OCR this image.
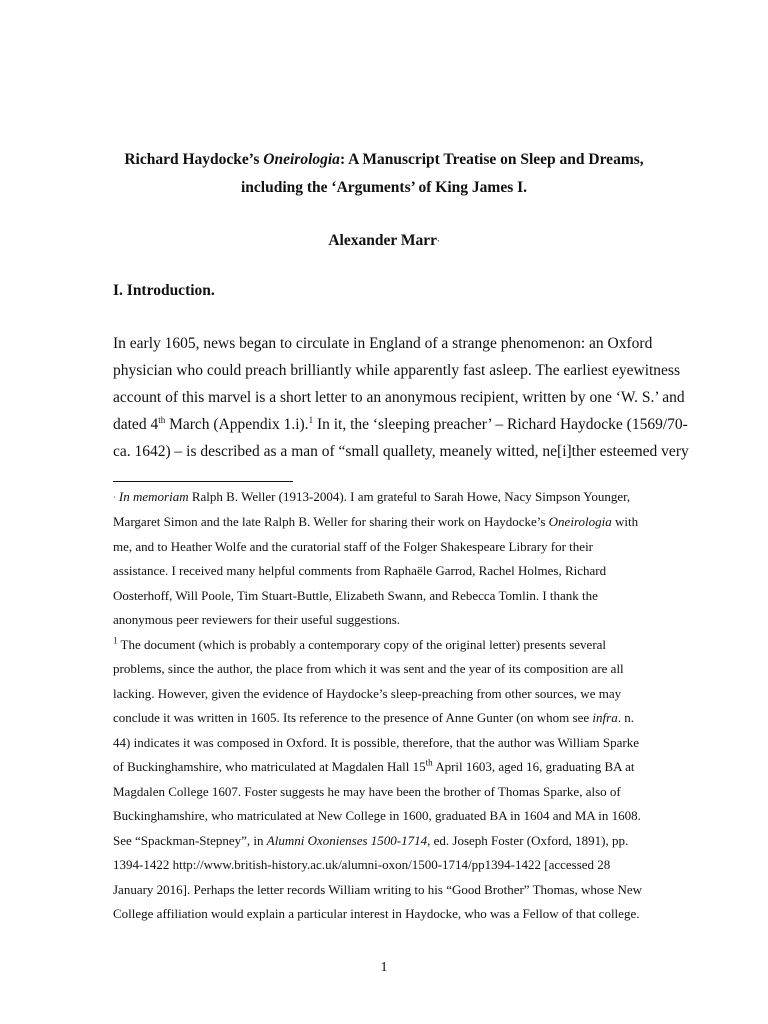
Richard Haydocke’s Oneirologia: A Manuscript Treatise on Sleep and Dreams,
including the ‘Arguments’ of King James I.
Alexander Marr·
I. Introduction.
In early 1605, news began to circulate in England of a strange phenomenon: an Oxford
physician who could preach brilliantly while apparently fast asleep. The earliest eyewitness
account of this marvel is a short letter to an anonymous recipient, written by one ‘W. S.’ and
dated 4th March (Appendix 1.i).$^1$ In it, the ‘sleeping preacher’ – Richard Haydocke (1569/70-
ca. 1642) – is described as a man of “small quallety, meanely witted, ne[i]ther esteemed very
· In memoriam Ralph B. Weller (1913-2004). I am grateful to Sarah Howe, Nacy Simpson Younger,
Margaret Simon and the late Ralph B. Weller for sharing their work on Haydocke’s Oneirologia with
me, and to Heather Wolfe and the curatorial staff of the Folger Shakespeare Library for their
assistance. I received many helpful comments from Raphaële Garrod, Rachel Holmes, Richard
Oosterhoff, Will Poole, Tim Stuart-Buttle, Elizabeth Swann, and Rebecca Tomlin. I thank the
anonymous peer reviewers for their useful suggestions.
$^1$ The document (which is probably a contemporary copy of the original letter) presents several
problems, since the author, the place from which it was sent and the year of its composition are all
lacking. However, given the evidence of Haydocke’s sleep-preaching from other sources, we may
conclude it was written in 1605. Its reference to the presence of Anne Gunter (on whom see infra. n.
44) indicates it was composed in Oxford. It is possible, therefore, that the author was William Sparke
of Buckinghamshire, who matriculated at Magdalen Hall 15th April 1603, aged 16, graduating BA at
Magdalen College 1607. Foster suggests he may have been the brother of Thomas Sparke, also of
Buckinghamshire, who matriculated at New College in 1600, graduated BA in 1604 and MA in 1608.
See “Spackman-Stepney”, in Alumni Oxonienses 1500-1714, ed. Joseph Foster (Oxford, 1891), pp.
1394-1422 http://www.british-history.ac.uk/alumni-oxon/1500-1714/pp1394-1422 [accessed 28
January 2016]. Perhaps the letter records William writing to his “Good Brother” Thomas, whose New
College affiliation would explain a particular interest in Haydocke, who was a Fellow of that college.
1
